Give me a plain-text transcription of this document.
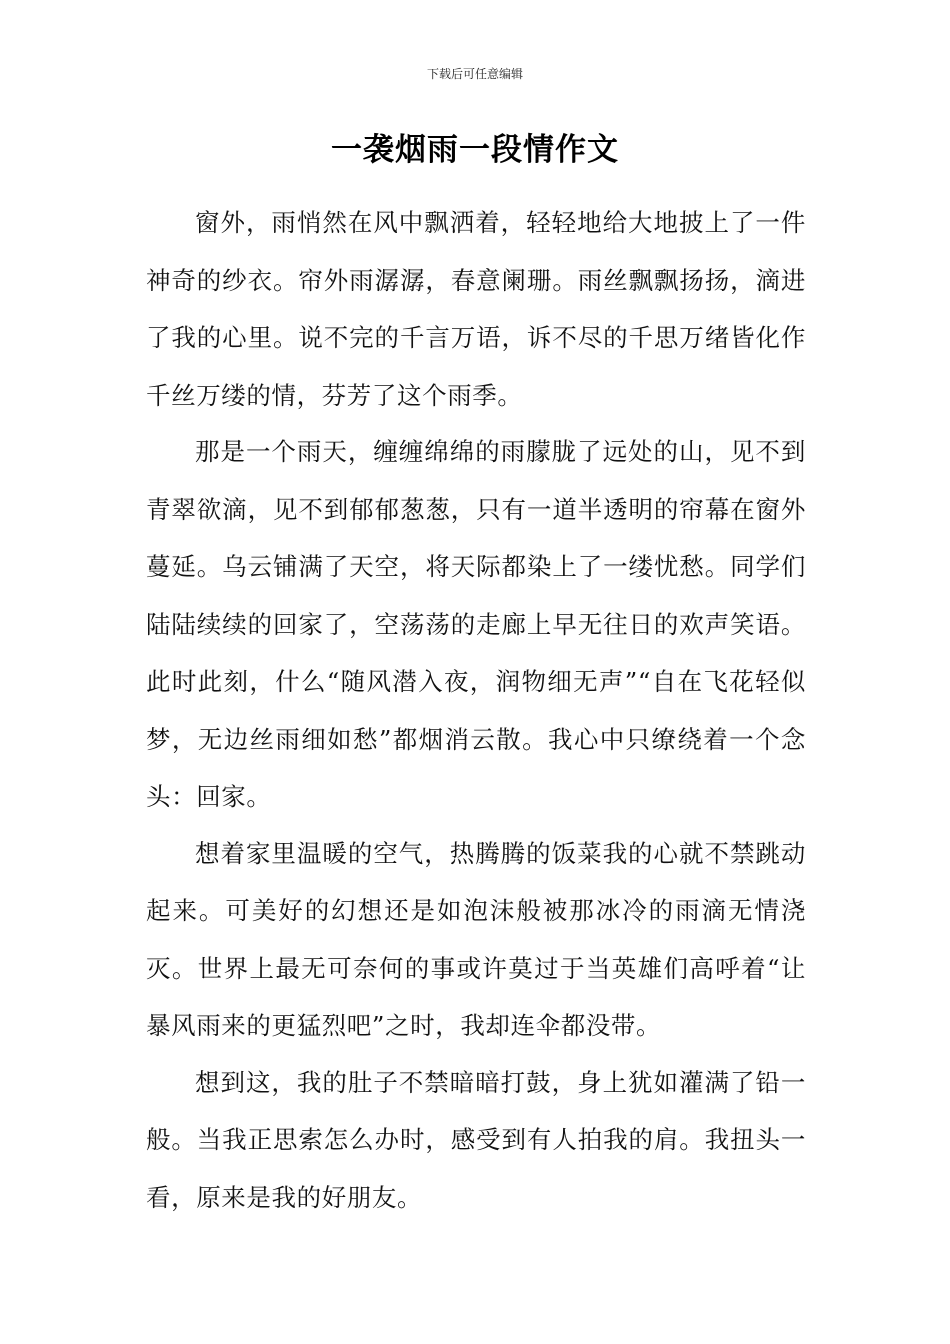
下载后可任意编辑
一袭烟雨一段情作文

窗外，雨悄然在风中飘洒着，轻轻地给大地披上了一件神奇的纱衣。帘外雨潺潺，春意阑珊。雨丝飘飘扬扬，滴进了我的心里。说不完的千言万语，诉不尽的千思万绪皆化作千丝万缕的情，芬芳了这个雨季。

那是一个雨天，缠缠绵绵的雨朦胧了远处的山，见不到青翠欲滴，见不到郁郁葱葱，只有一道半透明的帘幕在窗外蔓延。乌云铺满了天空，将天际都染上了一缕忧愁。同学们陆陆续续的回家了，空荡荡的走廊上早无往日的欢声笑语。此时此刻，什么“随风潜入夜，润物细无声”“自在飞花轻似梦，无边丝雨细如愁”都烟消云散。我心中只缭绕着一个念头：回家。

想着家里温暖的空气，热腾腾的饭菜我的心就不禁跳动起来。可美好的幻想还是如泡沫般被那冰冷的雨滴无情浇灭。世界上最无可奈何的事或许莫过于当英雄们高呼着“让暴风雨来的更猛烈吧”之时，我却连伞都没带。

想到这，我的肚子不禁暗暗打鼓，身上犹如灌满了铅一般。当我正思索怎么办时，感受到有人拍我的肩。我扭头一看，原来是我的好朋友。
